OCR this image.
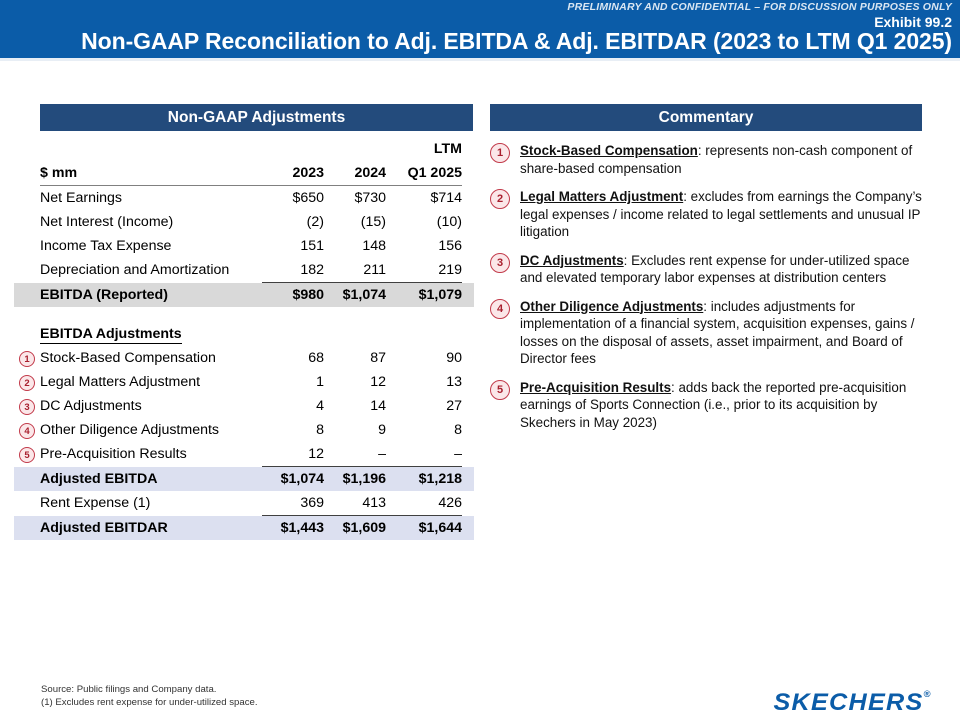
PRELIMINARY AND CONFIDENTIAL – FOR DISCUSSION PURPOSES ONLY
Exhibit 99.2
Non-GAAP Reconciliation to Adj. EBITDA & Adj. EBITDAR (2023 to LTM Q1 2025)
Non-GAAP Adjustments	Commentary
				LTM	
	$ mm	2023	2024	Q1 2025	
	Net Earnings	$650	$730	$714	
	Net Interest (Income)	(2)	(15)	(10)	
	Income Tax Expense	151	148	156	
	Depreciation and Amortization	182	211	219	
	EBITDA (Reported)	$980	$1,074	$1,079	

	EBITDA Adjustments				
1	Stock-Based Compensation	68	87	90	
2	Legal Matters Adjustment	1	12	13	
3	DC Adjustments	4	14	27	
4	Other Diligence Adjustments	8	9	8	
5	Pre-Acquisition Results	12	–	–	
	Adjusted EBITDA	$1,074	$1,196	$1,218	
	Rent Expense (1)	369	413	426	
	Adjusted EBITDAR	$1,443	$1,609	$1,644	
1	Stock-Based Compensation: represents non-cash component of share-based compensation
2	Legal Matters Adjustment: excludes from earnings the Company’s legal expenses / income related to legal settlements and unusual IP litigation
3	DC Adjustments: Excludes rent expense for under-utilized space and elevated temporary labor expenses at distribution centers
4	Other Diligence Adjustments: includes adjustments for implementation of a financial system, acquisition expenses, gains / losses on the disposal of assets, asset impairment, and Board of Director fees
5	Pre-Acquisition Results: adds back the reported pre-acquisition earnings of Sports Connection (i.e., prior to its acquisition by Skechers in May 2023)
Source: Public filings and Company data.
(1) Excludes rent expense for under-utilized space.	SKECHERS®
